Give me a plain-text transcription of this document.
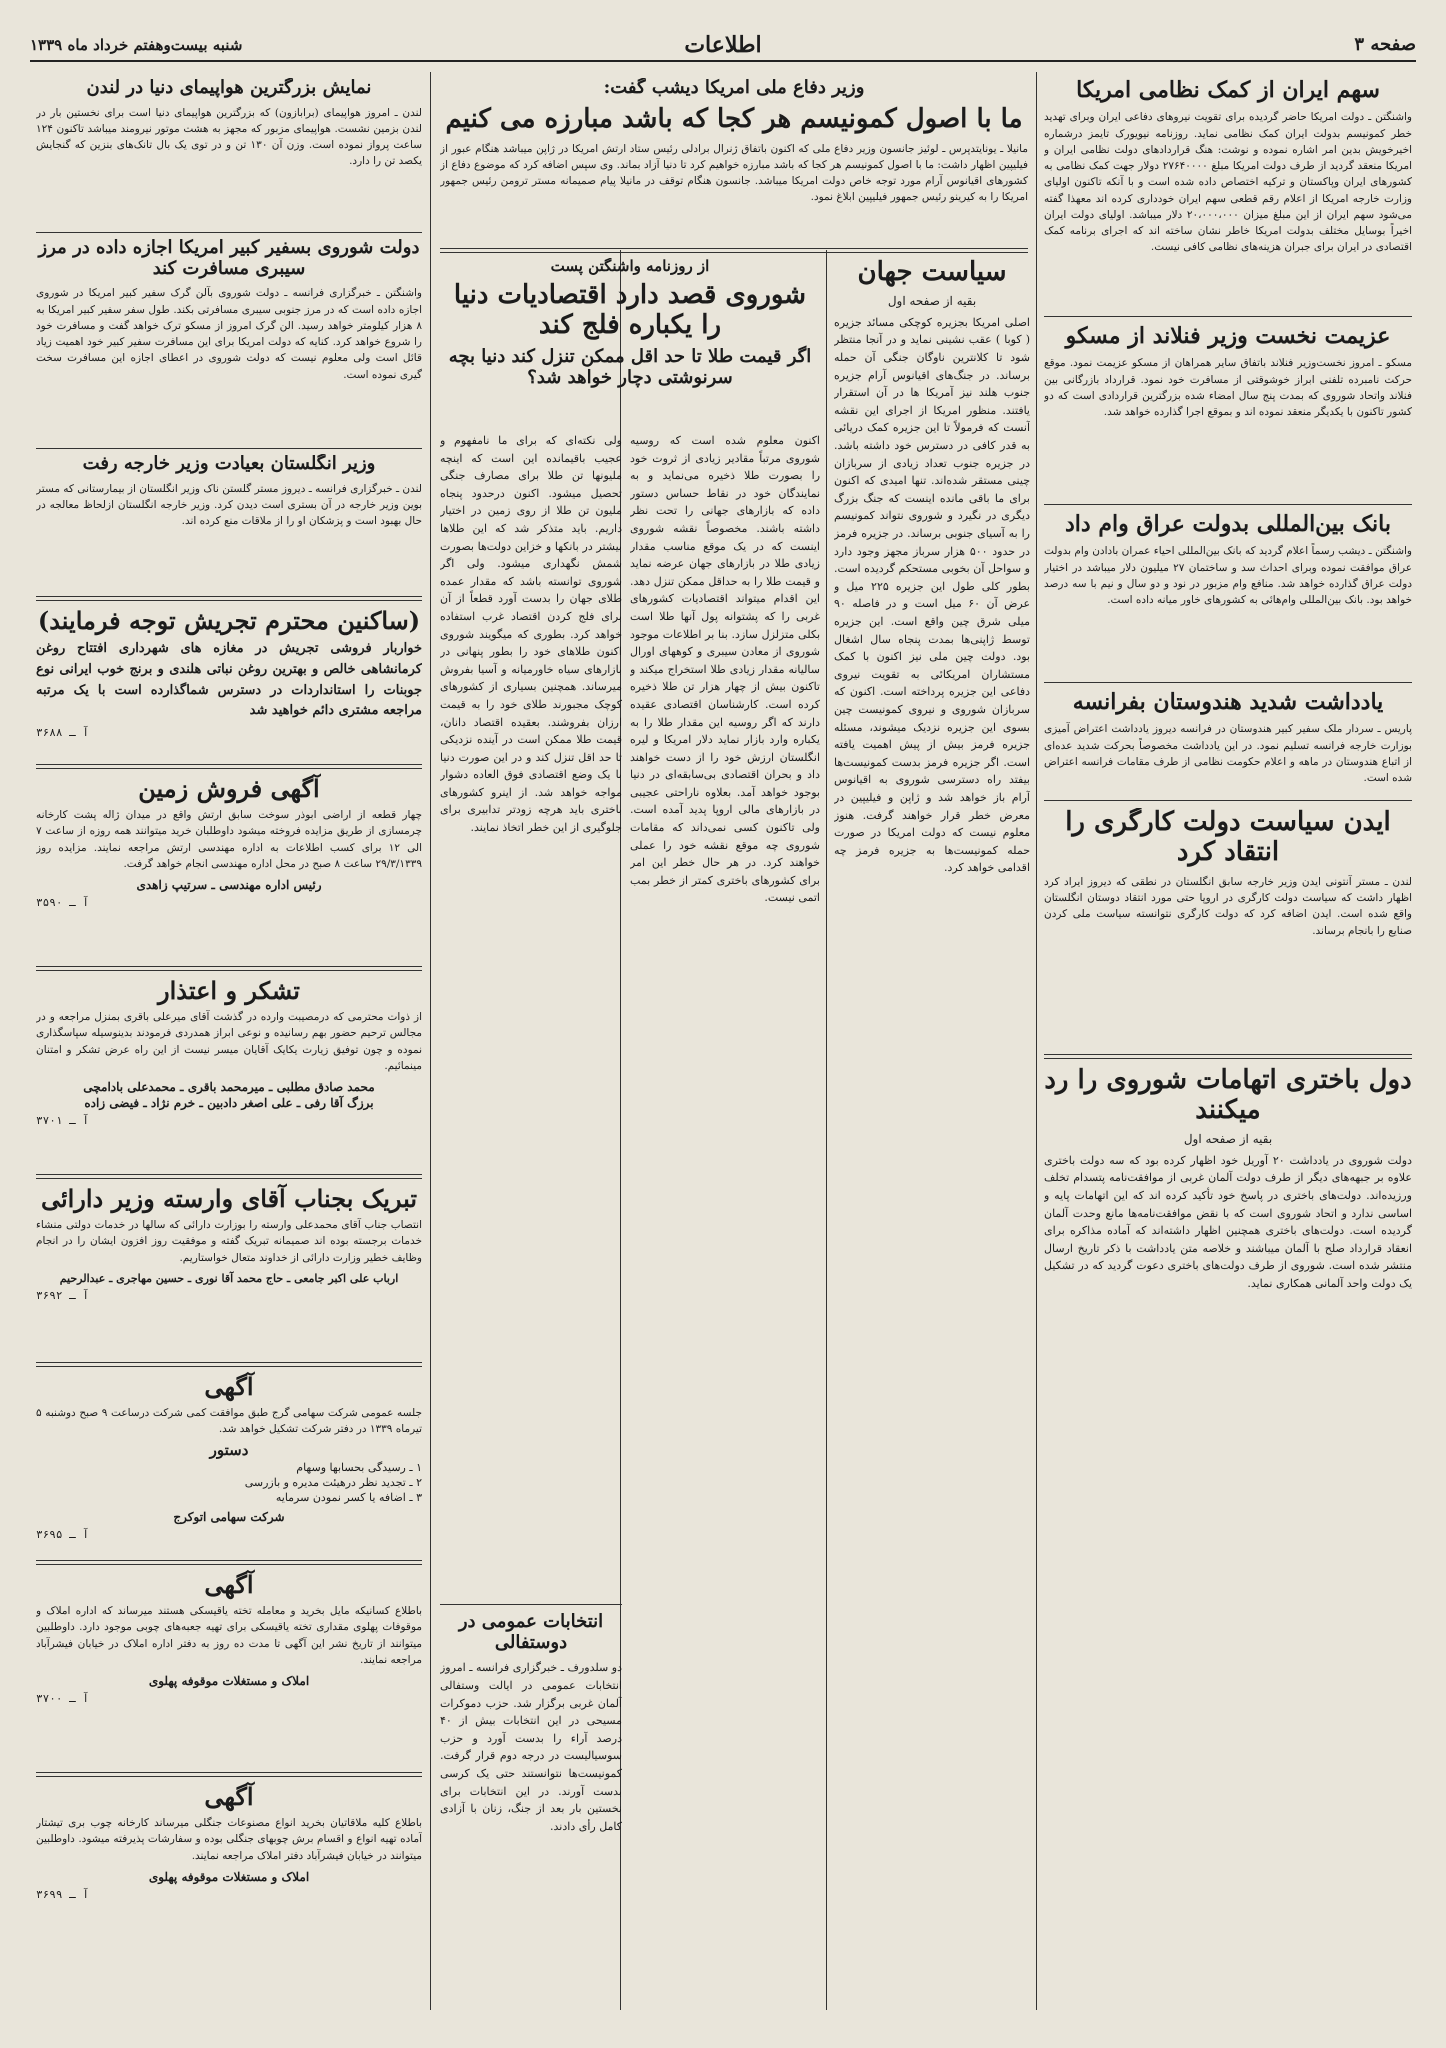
صفحه ۳
اطلاعات
شنبه بیست‌وهفتم خرداد ماه ۱۳۳۹
سهم ایران از کمک نظامی امریکا

واشنگتن ـ دولت امریکا حاضر گردیده برای تقویت نیروهای دفاعی ایران وبرای تهدید خطر کمونیسم بدولت ایران کمک نظامی نماید. روزنامه نیویورک تایمز درشماره اخیرخویش بدین امر اشاره نموده و نوشت: هنگ قراردادهای دولت نظامی ایران و امریکا منعقد گردید از طرف دولت امریکا مبلغ ۲۷۶۴۰۰۰۰ دولار جهت کمک نظامی به کشورهای ایران وپاکستان و ترکیه اختصاص داده شده است و با آنکه تاکنون اولیای وزارت خارجه امریکا از اعلام رقم قطعی سهم ایران خودداری کرده اند معهذا گفته می‌شود سهم ایران از این مبلغ میزان ۲۰،۰۰۰،۰۰۰ دلار میباشد. اولیای دولت ایران اخیراً بوسایل مختلف بدولت امریکا خاطر نشان ساخته اند که اجرای برنامه کمک اقتصادی در ایران برای جبران هزینه‌های نظامی کافی نیست.

عزیمت نخست وزیر فنلاند از مسکو

مسکو ـ امروز نخست‌وزیر فنلاند باتفاق سایر همراهان از مسکو عزیمت نمود. موقع حرکت نامبرده تلفنی ابراز خوشوقتی از مسافرت خود نمود. قرارداد بازرگانی بین فنلاند واتحاد شوروی که بمدت پنج سال امضاء شده بزرگترین قراردادی است که دو کشور تاکنون با یکدیگر منعقد نموده اند و بموقع اجرا گذارده خواهد شد.

بانک بین‌المللی بدولت عراق وام داد

واشنگتن ـ دیشب رسماً اعلام گردید که بانک بین‌المللی احیاء عمران بادادن وام بدولت عراق موافقت نموده وبرای احداث سد و ساختمان ۲۷ میلیون دلار میباشد در اختیار دولت عراق گذارده خواهد شد. منافع وام مزبور در نود و دو سال و نیم با سه درصد خواهد بود. بانک بین‌المللی وام‌هائی به کشورهای خاور میانه داده است.

یادداشت شدید هندوستان بفرانسه

پاریس ـ سردار ملک سفیر کبیر هندوستان در فرانسه دیروز یادداشت اعتراض آمیزی بوزارت خارجه فرانسه تسلیم نمود. در این یادداشت مخصوصاً بحرکت شدید عده‌ای از اتباع هندوستان در ماهه و اعلام حکومت نظامی از طرف مقامات فرانسه اعتراض شده است.

ایدن سیاست دولت کارگری را انتقاد کرد

لندن ـ مستر آنتونی ایدن وزیر خارجه سابق انگلستان در نطقی که دیروز ایراد کرد اظهار داشت که سیاست دولت کارگری در اروپا حتی مورد انتقاد دوستان انگلستان واقع شده است. ایدن اضافه کرد که دولت کارگری نتوانسته سیاست ملی کردن صنایع را بانجام برساند.

دول باختری اتهامات شوروی را رد میکنند
بقیه از صفحه اول

دولت شوروی در یادداشت ۲۰ آوریل خود اظهار کرده بود که سه دولت باختری علاوه بر جبهه‌های دیگر از طرف دولت آلمان غربی از موافقت‌نامه پتسدام تخلف ورزیده‌اند. دولت‌های باختری در پاسخ خود تأکید کرده اند که این اتهامات پایه و اساسی ندارد و اتحاد شوروی است که با نقض موافقت‌نامه‌ها مانع وحدت آلمان گردیده است. دولت‌های باختری همچنین اظهار داشته‌اند که آماده مذاکره برای انعقاد قرارداد صلح با آلمان میباشند و خلاصه متن یادداشت با ذکر تاریخ ارسال منتشر شده است. شوروی از طرف دولت‌های باختری دعوت گردید که در تشکیل یک دولت واحد آلمانی همکاری نماید.

وزیر دفاع ملی امریکا دیشب گفت:
ما با اصول کمونیسم هر کجا که باشد مبارزه می کنیم

مانیلا ـ یونایتدپرس ـ لوئیز جانسون وزیر دفاع ملی که اکنون باتفاق ژنرال برادلی رئیس ستاد ارتش امریکا در ژاپن میباشد هنگام عبور از فیلیپین اظهار داشت: ما با اصول کمونیسم هر کجا که باشد مبارزه خواهیم کرد تا دنیا آزاد بماند. وی سپس اضافه کرد که موضوع دفاع از کشورهای اقیانوس آرام مورد توجه خاص دولت امریکا میباشد. جانسون هنگام توقف در مانیلا پیام صمیمانه مستر ترومن رئیس جمهور امریکا را به کیرینو رئیس جمهور فیلیپین ابلاغ نمود.

سیاست جهان
بقیه از صفحه اول

اصلی امریکا بجزیره کوچکی مسائد جزیره ( کوبا ) عقب نشینی نماید و در آنجا منتظر شود تا کلانترین ناوگان جنگی آن حمله برساند. در جنگ‌های اقیانوس آرام جزیره جنوب هلند نیز آمریکا ها در آن استقرار یافتند. منظور امریکا از اجرای این نقشه آنست که فرمولاً تا این جزیره کمک دریائی به قدر کافی در دسترس خود داشته باشد. در جزیره جنوب تعداد زیادی از سربازان چینی مستقر شده‌اند. تنها امیدی که اکنون برای ما باقی مانده اینست که جنگ بزرگ دیگری در نگیرد و شوروی نتواند کمونیسم را به آسیای جنوبی برساند. در جزیره فرمز در حدود ۵۰۰ هزار سرباز مجهز وجود دارد و سواحل آن بخوبی مستحکم گردیده است. بطور کلی طول این جزیره ۲۲۵ میل و عرض آن ۶۰ میل است و در فاصله ۹۰ میلی شرق چین واقع است. این جزیره توسط ژاپنی‌ها بمدت پنجاه سال اشغال بود. دولت چین ملی نیز اکنون با کمک مستشاران امریکائی به تقویت نیروی دفاعی این جزیره پرداخته است. اکنون که سربازان شوروی و نیروی کمونیست چین بسوی این جزیره نزدیک میشوند، مسئله جزیره فرمز بیش از پیش اهمیت یافته است. اگر جزیره فرمز بدست کمونیست‌ها بیفتد راه دسترسی شوروی به اقیانوس آرام باز خواهد شد و ژاپن و فیلیپین در معرض خطر قرار خواهند گرفت. هنوز معلوم نیست که دولت امریکا در صورت حمله کمونیست‌ها به جزیره فرمز چه اقدامی خواهد کرد.

از روزنامه واشنگتن پست
شوروی قصد دارد اقتصادیات دنیا را یکباره فلج کند
اگر قیمت طلا تا حد اقل ممکن تنزل کند دنیا بچه سرنوشتی دچار خواهد شد؟

اکنون معلوم شده است که روسیه شوروی مرتباً مقادیر زیادی از ثروت خود را بصورت طلا ذخیره می‌نماید و به نمایندگان خود در نقاط حساس دستور داده که بازارهای جهانی را تحت نظر داشته باشند. مخصوصاً نقشه شوروی اینست که در یک موقع مناسب مقدار زیادی طلا در بازارهای جهان عرضه نماید و قیمت طلا را به حداقل ممکن تنزل دهد. این اقدام میتواند اقتصادیات کشورهای غربی را که پشتوانه پول آنها طلا است بکلی متزلزل سازد. بنا بر اطلاعات موجود شوروی از معادن سیبری و کوههای اورال سالیانه مقدار زیادی طلا استخراج میکند و تاکنون بیش از چهار هزار تن طلا ذخیره کرده است. کارشناسان اقتصادی عقیده دارند که اگر روسیه این مقدار طلا را به یکباره وارد بازار نماید دلار امریکا و لیره انگلستان ارزش خود را از دست خواهند داد و بحران اقتصادی بی‌سابقه‌ای در دنیا بوجود خواهد آمد. بعلاوه ناراحتی عجیبی در بازارهای مالی اروپا پدید آمده است. ولی تاکنون کسی نمی‌داند که مقامات شوروی چه موقع نقشه خود را عملی خواهند کرد. در هر حال خطر این امر برای کشورهای باختری کمتر از خطر بمب اتمی نیست.

ولی نکته‌ای که برای ما نامفهوم و عجیب باقیمانده این است که اینچه ملیونها تن طلا برای مصارف جنگی تحصیل میشود. اکنون درحدود پنجاه ملیون تن طلا از روی زمین در اختیار داریم. باید متذکر شد که این طلاها بیشتر در بانکها و خزاین دولت‌ها بصورت شمش نگهداری میشود. ولی اگر شوروی توانسته باشد که مقدار عمده طلای جهان را بدست آورد قطعاً از آن برای فلج کردن اقتصاد غرب استفاده خواهد کرد. بطوری که میگویند شوروی اکنون طلاهای خود را بطور پنهانی در بازارهای سیاه خاورمیانه و آسیا بفروش میرساند. همچنین بسیاری از کشورهای کوچک مجبورند طلای خود را به قیمت ارزان بفروشند. بعقیده اقتصاد دانان، قیمت طلا ممکن است در آینده نزدیکی تا حد اقل تنزل کند و در این صورت دنیا با یک وضع اقتصادی فوق العاده دشوار مواجه خواهد شد. از اینرو کشورهای باختری باید هرچه زودتر تدابیری برای جلوگیری از این خطر اتخاذ نمایند.

انتخابات عمومی در دوستفالی

دو سلدورف ـ خبرگزاری فرانسه ـ امروز انتخابات عمومی در ایالت وستفالی آلمان غربی برگزار شد. حزب دموکرات مسیحی در این انتخابات بیش از ۴۰ درصد آراء را بدست آورد و حزب سوسیالیست در درجه دوم قرار گرفت. کمونیست‌ها نتوانستند حتی یک کرسی بدست آورند. در این انتخابات برای نخستین بار بعد از جنگ، زنان با آزادی کامل رأی دادند.

نمایش بزرگترین هواپیمای دنیا در لندن

لندن ـ امروز هواپیمای (برابازون) که بزرگترین هواپیمای دنیا است برای نخستین بار در لندن بزمین نشست. هواپیمای مزبور که مجهز به هشت موتور نیرومند میباشد تاکنون ۱۲۴ ساعت پرواز نموده است. وزن آن ۱۳۰ تن و در توی یک بال تانک‌های بنزین که گنجایش یکصد تن را دارد.

دولت شوروی بسفیر کبیر امریکا اجازه داده در مرز سیبری مسافرت کند

واشنگتن ـ خبرگزاری فرانسه ـ دولت شوروی بآلن گرک سفیر کبیر امریکا در شوروی اجازه داده است که در مرز جنوبی سیبری مسافرتی بکند. طول سفر سفیر کبیر امریکا به ۸ هزار کیلومتر خواهد رسید. الن گرک امروز از مسکو ترک خواهد گفت و مسافرت خود را شروع خواهد کرد. کنایه که دولت امریکا برای این مسافرت سفیر کبیر خود اهمیت زیاد قائل است ولی معلوم نیست که دولت شوروی در اعطای اجازه این مسافرت سخت گیری نموده است.

وزیر انگلستان بعیادت وزیر خارجه رفت

لندن ـ خبرگزاری فرانسه ـ دیروز مستر گلستن ناک وزیر انگلستان از بیمارستانی که مستر بوین وزیر خارجه در آن بستری است دیدن کرد. وزیر خارجه انگلستان ازلحاظ معالجه در حال بهبود است و پزشکان او را از ملاقات منع کرده اند.

(ساکنین محترم تجریش توجه فرمایند)

خواربار فروشی تجریش در مغازه های شهرداری افتتاح روغن کرمانشاهی خالص و بهترین روغن نباتی هلندی و برنج خوب ایرانی نوع جوبنات را استانداردات در دسترس شماگذارده است با یک مرتبه مراجعه مشتری دائم خواهید شد

آ ـ ۳۶۸۸

آگهی فروش زمین

چهار قطعه از اراضی ابوذر سوخت سابق ارتش واقع در میدان ژاله پشت کارخانه چرمسازی از طریق مزایده فروخته میشود داوطلبان خرید میتوانند همه روزه از ساعت ۷ الی ۱۲ برای کسب اطلاعات به اداره مهندسی ارتش مراجعه نمایند. مزایده روز ۲۹/۳/۱۳۳۹ ساعت ۸ صبح در محل اداره مهندسی انجام خواهد گرفت.

رئیس اداره مهندسی ـ سرتیپ زاهدی

آ ـ ۳۵۹۰

تشکر و اعتذار

از ذوات محترمی که درمصیبت وارده در گذشت آقای میرعلی باقری بمنزل مراجعه و در مجالس ترحیم حضور بهم رسانیده و نوعی ابراز همدردی فرمودند بدینوسیله سپاسگذاری نموده و چون توفیق زیارت یکایک آقایان میسر نیست از این راه عرض تشکر و امتنان مینمائیم.

محمد صادق مطلبی ـ میرمحمد باقری ـ محمدعلی بادامچی

برزگ آقا رفی ـ علی اصغر دادبین ـ خرم نژاد ـ فیضی زاده

آ ـ ۳۷۰۱

تبریک بجناب آقای وارسته وزیر دارائی

انتصاب جناب آقای محمدعلی وارسته را بوزارت دارائی که سالها در خدمات دولتی منشاء خدمات برجسته بوده اند صمیمانه تبریک گفته و موفقیت روز افزون ایشان را در انجام وظایف خطیر وزارت دارائی از خداوند متعال خواستاریم.

ارباب علی اکبر جامعی ـ حاج محمد آقا نوری ـ حسین مهاجری ـ عبدالرحیم

آ ـ ۳۶۹۲

آگهی

جلسه عمومی شرکت سهامی گرج طبق موافقت کمی شرکت درساعت ۹ صبح دوشنبه ۵ تیرماه ۱۳۳۹ در دفتر شرکت تشکیل خواهد شد.

دستور
۱ ـ رسیدگی بحسابها وسهام
۲ ـ تجدید نظر درهیئت مدیره و بازرسی
۳ ـ اضافه یا کسر نمودن سرمایه

شرکت سهامی اتوکرج

آ ـ ۳۶۹۵

آگهی

باطلاع کسانیکه مایل بخرید و معامله تخته یاقیسکی هستند میرساند که اداره املاک و موقوفات پهلوی مقداری تخته یاقیسکی برای تهیه جعبه‌های چوبی موجود دارد. داوطلبین میتوانند از تاریخ نشر این آگهی تا مدت ده روز به دفتر اداره املاک در خیابان فیشرآباد مراجعه نمایند.

املاک و مستغلات موقوفه پهلوی

آ ـ ۳۷۰۰

آگهی

باطلاع کلیه ملاقاتیان بخرید انواع مصنوعات جنگلی میرساند کارخانه چوب بری تیشتار آماده تهیه انواع و اقسام برش چوبهای جنگلی بوده و سفارشات پذیرفته میشود. داوطلبین میتوانند در خیابان فیشرآباد دفتر املاک مراجعه نمایند.

املاک و مستغلات موقوفه پهلوی

آ ـ ۳۶۹۹
